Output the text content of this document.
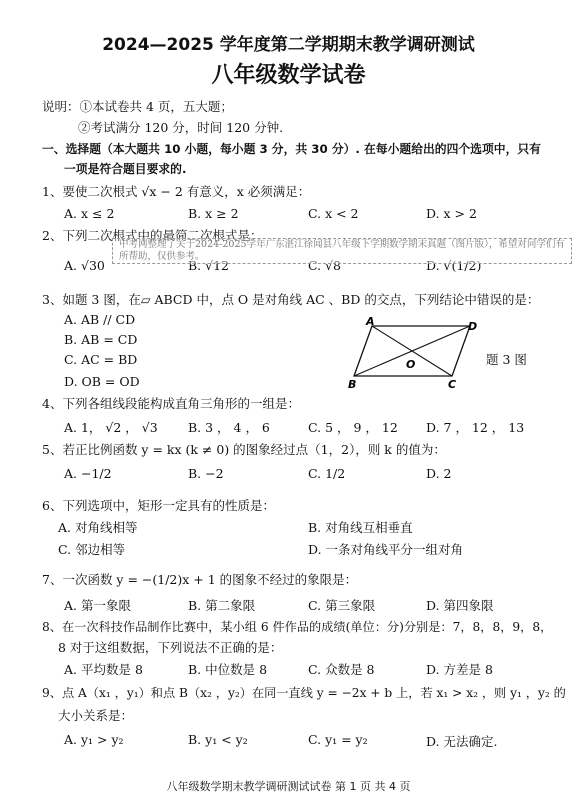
2024—2025 学年度第二学期期末教学调研测试
八年级数学试卷
说明：①本试卷共 4 页，五大题；
②考试满分 120 分，时间 120 分钟.
一、选择题（本大题共 10 小题，每小题 3 分，共 30 分）. 在每小题给出的四个选项中，只有
一项是符合题目要求的.
1、要使二次根式 √x − 2 有意义，x 必须满足：
A. x ≤ 2	B. x ≥ 2	C. x < 2	D. x > 2
2、下列二次根式中的最简二次根式是：
A. √30	B. √12	C. √8	D. √(1/2)
中考网整理了关于2024-2025学年广东湛江徐闻县八年级下学期数学期末真题（图片版），希望对同学们有所帮助，仅供参考。
3、如题 3 图，在▱ ABCD 中，点 O 是对角线 AC 、BD 的交点，下列结论中错误的是：
A. AB // CD
B. AB = CD
C. AC = BD
D. OB = OD
A	D
B	C
O	题 3 图
4、下列各组线段能构成直角三角形的一组是：
A. 1， √2 ， √3 B. 3 ， 4 ， 6	C. 5 ， 9 ， 12 D. 7 ， 12 ， 13
5、若正比例函数 y = kx (k ≠ 0) 的图象经过点（1，2），则 k 的值为：
A. −1/2	B. −2	C. 1/2	D. 2
6、下列选项中，矩形一定具有的性质是：
A. 对角线相等	B. 对角线互相垂直
C. 邻边相等	D. 一条对角线平分一组对角
7、一次函数 y = −(1/2)x + 1 的图象不经过的象限是：
A. 第一象限	B. 第二象限	C. 第三象限	D. 第四象限
8、在一次科技作品制作比赛中，某小组 6 件作品的成绩(单位：分)分别是：7，8，8，9，8，
8 对于这组数据，下列说法不正确的是：
A. 平均数是 8	B. 中位数是 8	C. 众数是 8	D. 方差是 8
9、点 A（x₁ ，y₁）和点 B（x₂ ，y₂）在同一直线 y = −2x + b 上，若 x₁ > x₂ ，则 y₁ ，y₂ 的
大小关系是：
A. y₁ > y₂	B. y₁ < y₂	C. y₁ = y₂	D. 无法确定.
八年级数学期末教学调研测试试卷 第 1 页 共 4 页
